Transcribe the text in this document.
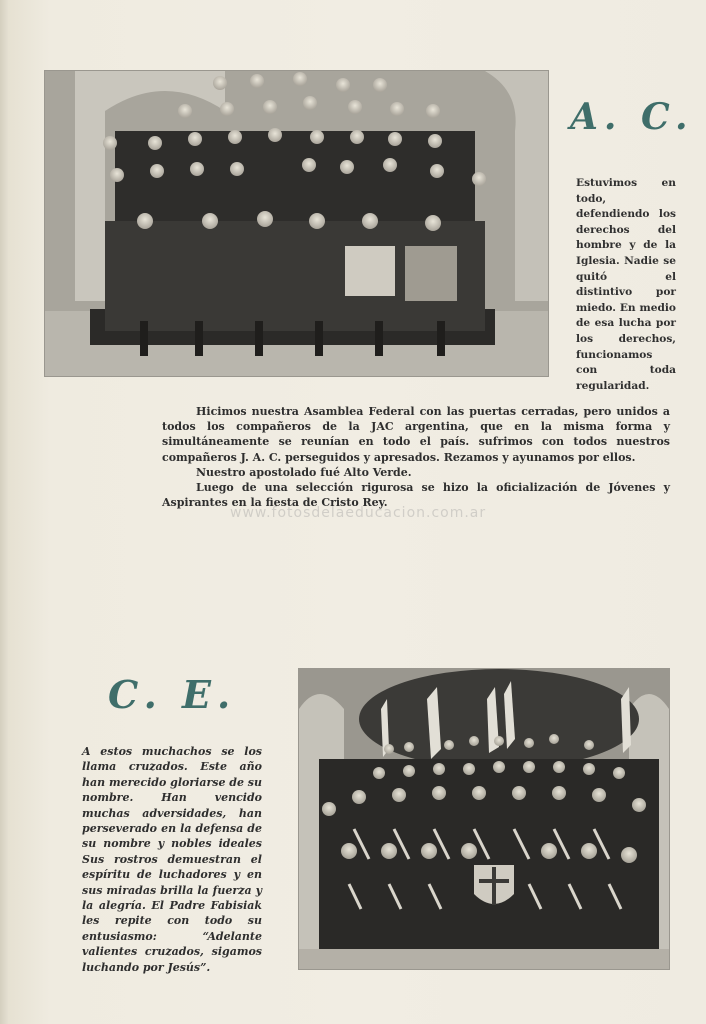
A. C.
Estuvimos en todo, defendiendo los derechos del hombre y de la Iglesia. Nadie se quitó el distintivo por miedo. En medio de esa lucha por los derechos, funcionamos con toda regularidad.

Hicimos nuestra Asamblea Federal con las puertas cerradas, pero unidos a todos los compañeros de la JAC argentina, que en la misma forma y simultáneamente se reunían en todo el país. sufrimos con todos nuestros compañeros J. A. C. perseguidos y apresados. Rezamos y ayunamos por ellos.

Nuestro apostolado fué Alto Verde.

Luego de una selección rigurosa se hizo la oficialización de Jóvenes y Aspirantes en la fiesta de Cristo Rey.

www.fotosdelaeducacion.com.ar
C. E.
A estos muchachos se los llama cruzados. Este año han merecido gloriarse de su nombre. Han vencido muchas adversidades, han perseverado en la defensa de su nombre y nobles ideales Sus rostros demuestran el espíritu de luchadores y en sus miradas brilla la fuerza y la alegría. El Padre Fabisiak les repite con todo su entusiasmo: “Adelante valientes cruzados, sigamos luchando por Jesús”.
